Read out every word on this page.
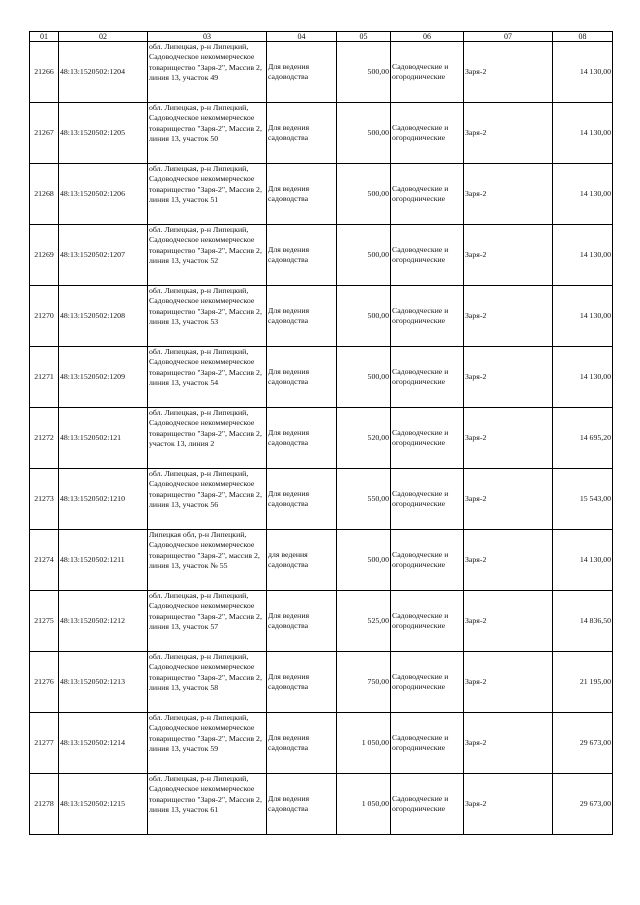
01	02	03	04	05	06	07	08
21266	48:13:1520502:1204	обл. Липецкая, р-н Липецкий, Садоводческое некоммерческое товарищество "Заря-2", Массив 2, линия 13, участок 49	Для ведения садоводства	500,00	Садоводческие и огороднические	Заря-2	14 130,00
21267	48:13:1520502:1205	обл. Липецкая, р-н Липецкий, Садоводческое некоммерческое товарищество "Заря-2", Массив 2, линия 13, участок 50	Для ведения садоводства	500,00	Садоводческие и огороднические	Заря-2	14 130,00
21268	48:13:1520502:1206	обл. Липецкая, р-н Липецкий, Садоводческое некоммерческое товарищество "Заря-2", Массив 2, линия 13, участок 51	Для ведения садоводства	500,00	Садоводческие и огороднические	Заря-2	14 130,00
21269	48:13:1520502:1207	обл. Липецкая, р-н Липецкий, Садоводческое некоммерческое товарищество "Заря-2", Массив 2, линия 13, участок 52	Для ведения садоводства	500,00	Садоводческие и огороднические	Заря-2	14 130,00
21270	48:13:1520502:1208	обл. Липецкая, р-н Липецкий, Садоводческое некоммерческое товарищество "Заря-2", Массив 2, линия 13, участок 53	Для ведения садоводства	500,00	Садоводческие и огороднические	Заря-2	14 130,00
21271	48:13:1520502:1209	обл. Липецкая, р-н Липецкий, Садоводческое некоммерческое товарищество "Заря-2", Массив 2, линия 13, участок 54	Для ведения садоводства	500,00	Садоводческие и огороднические	Заря-2	14 130,00
21272	48:13:1520502:121	обл. Липецкая, р-н Липецкий, Садоводческое некоммерческое товарищество "Заря-2", Массив 2, участок 13, линия 2	Для ведения садоводства	520,00	Садоводческие и огороднические	Заря-2	14 695,20
21273	48:13:1520502:1210	обл. Липецкая, р-н Липецкий, Садоводческое некоммерческое товарищество "Заря-2", Массив 2, линия 13, участок 56	Для ведения садоводства	550,00	Садоводческие и огороднические	Заря-2	15 543,00
21274	48:13:1520502:1211	Липецкая обл, р-н Липецкий, Садоводческое некоммерческое товарищество "Заря-2", массив 2, линия 13, участок № 55	для ведения садоводства	500,00	Садоводческие и огороднические	Заря-2	14 130,00
21275	48:13:1520502:1212	обл. Липецкая, р-н Липецкий, Садоводческое некоммерческое товарищество "Заря-2", Массив 2, линия 13, участок 57	Для ведения садоводства	525,00	Садоводческие и огороднические	Заря-2	14 836,50
21276	48:13:1520502:1213	обл. Липецкая, р-н Липецкий, Садоводческое некоммерческое товарищество "Заря-2", Массив 2, линия 13, участок 58	Для ведения садоводства	750,00	Садоводческие и огороднические	Заря-2	21 195,00
21277	48:13:1520502:1214	обл. Липецкая, р-н Липецкий, Садоводческое некоммерческое товарищество "Заря-2", Массив 2, линия 13, участок 59	Для ведения садоводства	1 050,00	Садоводческие и огороднические	Заря-2	29 673,00
21278	48:13:1520502:1215	обл. Липецкая, р-н Липецкий, Садоводческое некоммерческое товарищество "Заря-2", Массив 2, линия 13, участок 61	Для ведения садоводства	1 050,00	Садоводческие и огороднические	Заря-2	29 673,00
